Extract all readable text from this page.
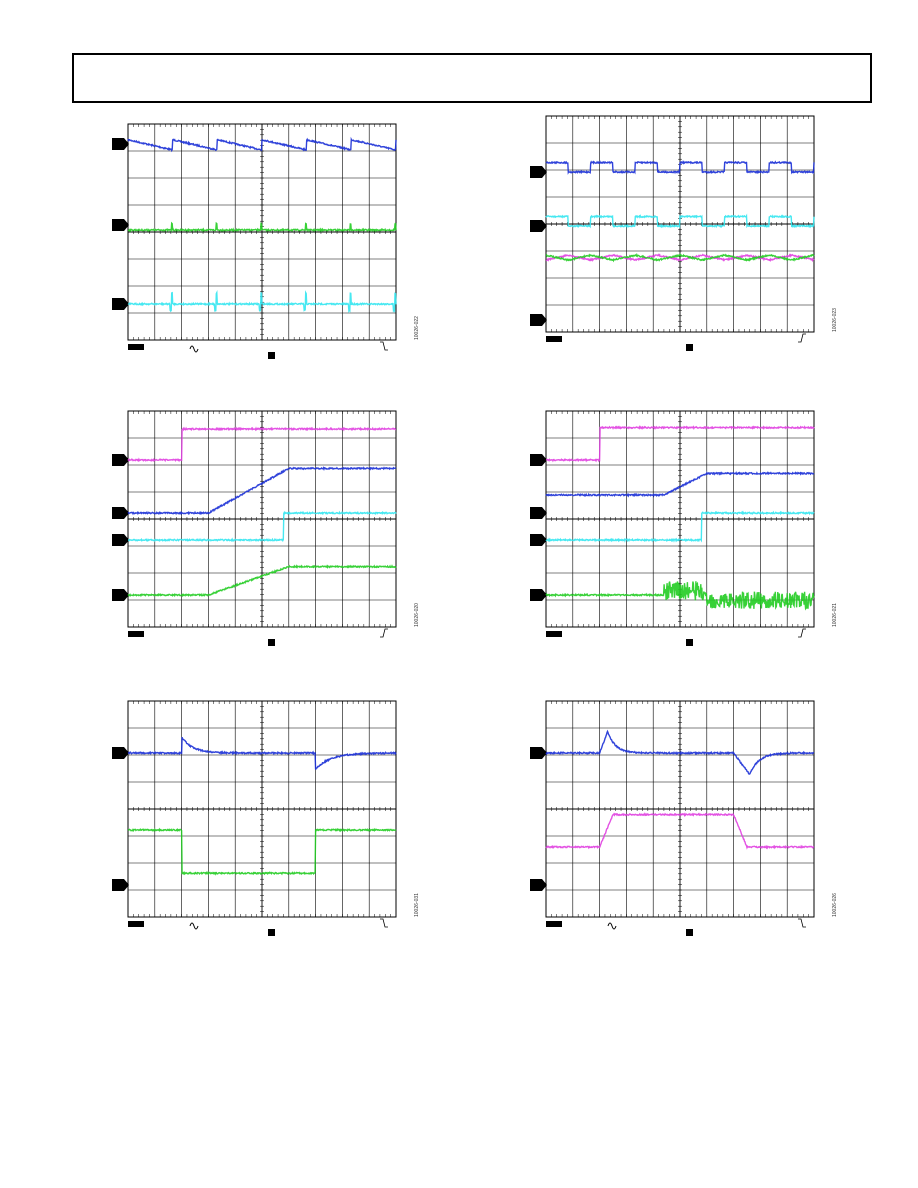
10026-022	10026-023
10026-020	10026-021
10026-031	10026-026
